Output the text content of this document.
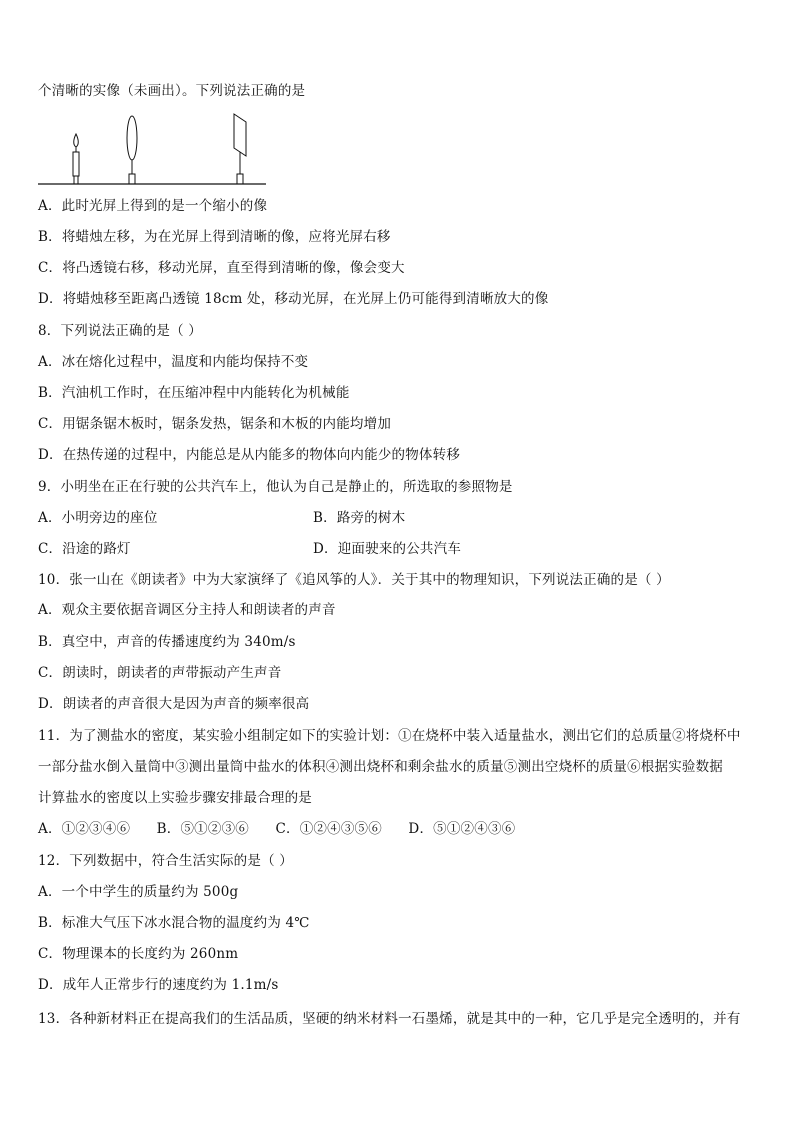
个清晰的实像（未画出）。下列说法正确的是
A．此时光屏上得到的是一个缩小的像
B．将蜡烛左移，为在光屏上得到清晰的像，应将光屏右移
C．将凸透镜右移，移动光屏，直至得到清晰的像，像会变大
D．将蜡烛移至距离凸透镜 18cm 处，移动光屏，在光屏上仍可能得到清晰放大的像
8．下列说法正确的是（ ）
A．冰在熔化过程中，温度和内能均保持不变
B．汽油机工作时，在压缩冲程中内能转化为机械能
C．用锯条锯木板时，锯条发热，锯条和木板的内能均增加
D．在热传递的过程中，内能总是从内能多的物体向内能少的物体转移
9．小明坐在正在行驶的公共汽车上，他认为自己是静止的，所选取的参照物是
A．小明旁边的座位	B．路旁的树木
C．沿途的路灯	D．迎面驶来的公共汽车
10．张一山在《朗读者》中为大家演绎了《追风筝的人》．关于其中的物理知识，下列说法正确的是（ ）
A．观众主要依据音调区分主持人和朗读者的声音
B．真空中，声音的传播速度约为 340m/s
C．朗读时，朗读者的声带振动产生声音
D．朗读者的声音很大是因为声音的频率很高
11．为了测盐水的密度，某实验小组制定如下的实验计划：①在烧杯中装入适量盐水，测出它们的总质量②将烧杯中
一部分盐水倒入量筒中③测出量筒中盐水的体积④测出烧杯和剩余盐水的质量⑤测出空烧杯的质量⑥根据实验数据
计算盐水的密度以上实验步骤安排最合理的是
A．①②③④⑥ B．⑤①②③⑥ C．①②④③⑤⑥ D．⑤①②④③⑥
12．下列数据中，符合生活实际的是（ ）
A．一个中学生的质量约为 500g
B．标准大气压下冰水混合物的温度约为 4℃
C．物理课本的长度约为 260nm
D．成年人正常步行的速度约为 1.1m/s
13．各种新材料正在提高我们的生活品质，坚硬的纳米材料一石墨烯，就是其中的一种，它几乎是完全透明的，并有
